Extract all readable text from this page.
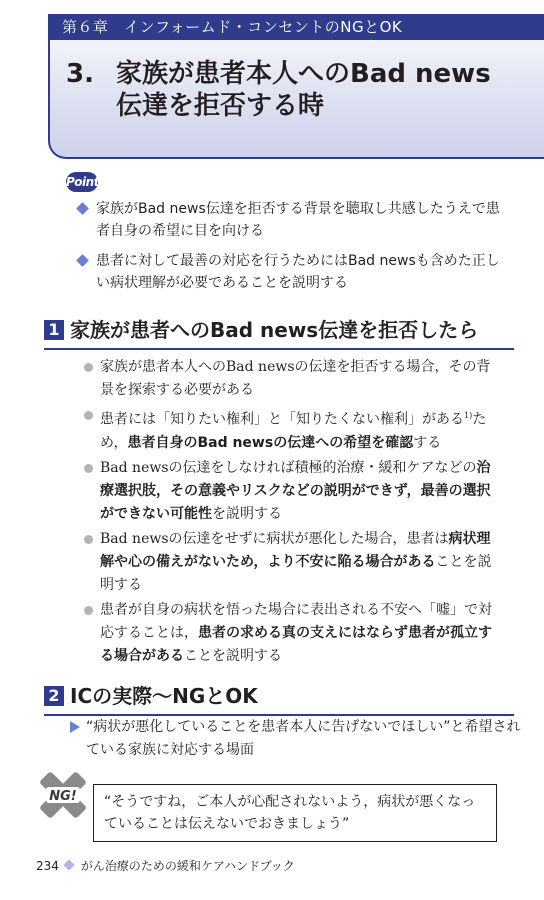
第６章　インフォームド・コンセントのNGとOK
3. 家族が患者本人へのBad news
伝達を拒否する時
Point
家族がBad news伝達を拒否する背景を聴取し共感したうえで患者自身の希望に目を向ける
患者に対して最善の対応を行うためにはBad newsも含めた正しい病状理解が必要であることを説明する
1 家族が患者へのBad news伝達を拒否したら
家族が患者本人へのBad newsの伝達を拒否する場合，その背景を探索する必要がある
患者には「知りたい権利」と「知りたくない権利」がある$^{1)}$ため，患者自身のBad newsの伝達への希望を確認する
Bad newsの伝達をしなければ積極的治療・緩和ケアなどの治療選択肢，その意義やリスクなどの説明ができず，最善の選択ができない可能性を説明する
Bad newsの伝達をせずに病状が悪化した場合，患者は病状理解や心の備えがないため，より不安に陥る場合があることを説明する
患者が自身の病状を悟った場合に表出される不安へ「嘘」で対応することは，患者の求める真の支えにはならず患者が孤立する場合があることを説明する
2 ICの実際〜NGとOK
“病状が悪化していることを患者本人に告げないでほしい”と希望されている家族に対応する場面
NG!	“そうですね，ご本人が心配されないよう，病状が悪くなっていることは伝えないでおきましょう”
234 がん治療のための緩和ケアハンドブック
